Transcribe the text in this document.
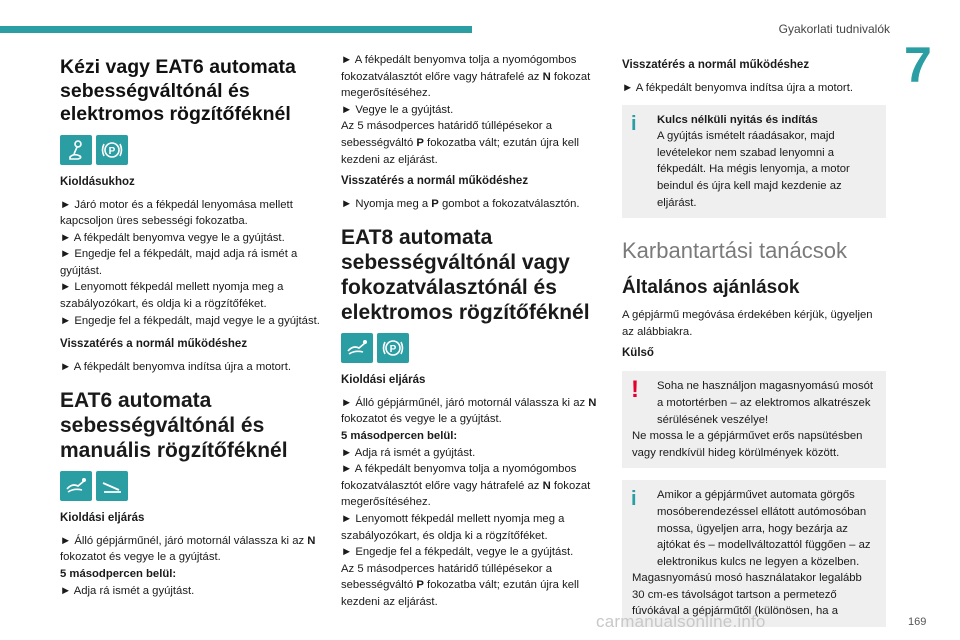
Gyakorlati tudnivalók
7
Kézi vagy EAT6 automata sebességváltónál és elektromos rögzítőféknél
P
Kioldásukhoz

► Járó motor és a fékpedál lenyomása mellett kapcsoljon üres sebességi fokozatba.

► A fékpedált benyomva vegye le a gyújtást.

► Engedje fel a fékpedált, majd adja rá ismét a gyújtást.

► Lenyomott fékpedál mellett nyomja meg a szabályozókart, és oldja ki a rögzítőféket.

► Engedje fel a fékpedált, majd vegye le a gyújtást.

Visszatérés a normál működéshez

► A fékpedált benyomva indítsa újra a motort.

EAT6 automata sebességváltónál és manuális rögzítőféknél
Kioldási eljárás

► Álló gépjárműnél, járó motornál válassza ki az N fokozatot és vegye le a gyújtást.

5 másodpercen belül:

► Adja rá ismét a gyújtást.

► A fékpedált benyomva tolja a nyomógombos fokozatválasztót előre vagy hátrafelé az N fokozat megerősítéséhez.

► Vegye le a gyújtást.

Az 5 másodperces határidő túllépésekor a sebességváltó P fokozatba vált; ezután újra kell kezdeni az eljárást.

Visszatérés a normál működéshez

► Nyomja meg a P gombot a fokozatválasztón.

EAT8 automata sebességváltónál vagy fokozatválasztónál és elektromos rögzítőféknél
P
Kioldási eljárás

► Álló gépjárműnél, járó motornál válassza ki az N fokozatot és vegye le a gyújtást.

5 másodpercen belül:

► Adja rá ismét a gyújtást.

► A fékpedált benyomva tolja a nyomógombos fokozatválasztót előre vagy hátrafelé az N fokozat megerősítéséhez.

► Lenyomott fékpedál mellett nyomja meg a szabályozókart, és oldja ki a rögzítőféket.

► Engedje fel a fékpedált, vegye le a gyújtást.

Az 5 másodperces határidő túllépésekor a sebességváltó P fokozatba vált; ezután újra kell kezdeni az eljárást.

Visszatérés a normál működéshez

► A fékpedált benyomva indítsa újra a motort.

i	Kulcs nélküli nyitás és indítás

A gyújtás ismételt ráadásakor, majd levételekor nem szabad lenyomni a fékpedált. Ha mégis lenyomja, a motor beindul és újra kell majd kezdenie az eljárást.

Karbantartási tanácsok
Általános ajánlások

A gépjármű megóvása érdekében kérjük, ügyeljen az alábbiakra.

Külső
!	Soha ne használjon magasnyomású mosót a motortérben – az elektromos alkatrészek sérülésének veszélye!

Ne mossa le a gépjárművet erős napsütésben vagy rendkívül hideg körülmények között.

i	Amikor a gépjárművet automata görgős mosóberendezéssel ellátott autómosóban mossa, ügyeljen arra, hogy bezárja az ajtókat és – modellváltozattól függően – az elektronikus kulcs ne legyen a közelben.

Magasnyomású mosó használatakor legalább 30 cm-es távolságot tartson a permetező fúvókával a gépjárműtől (különösen, ha a

carmanualsonline.info	169
